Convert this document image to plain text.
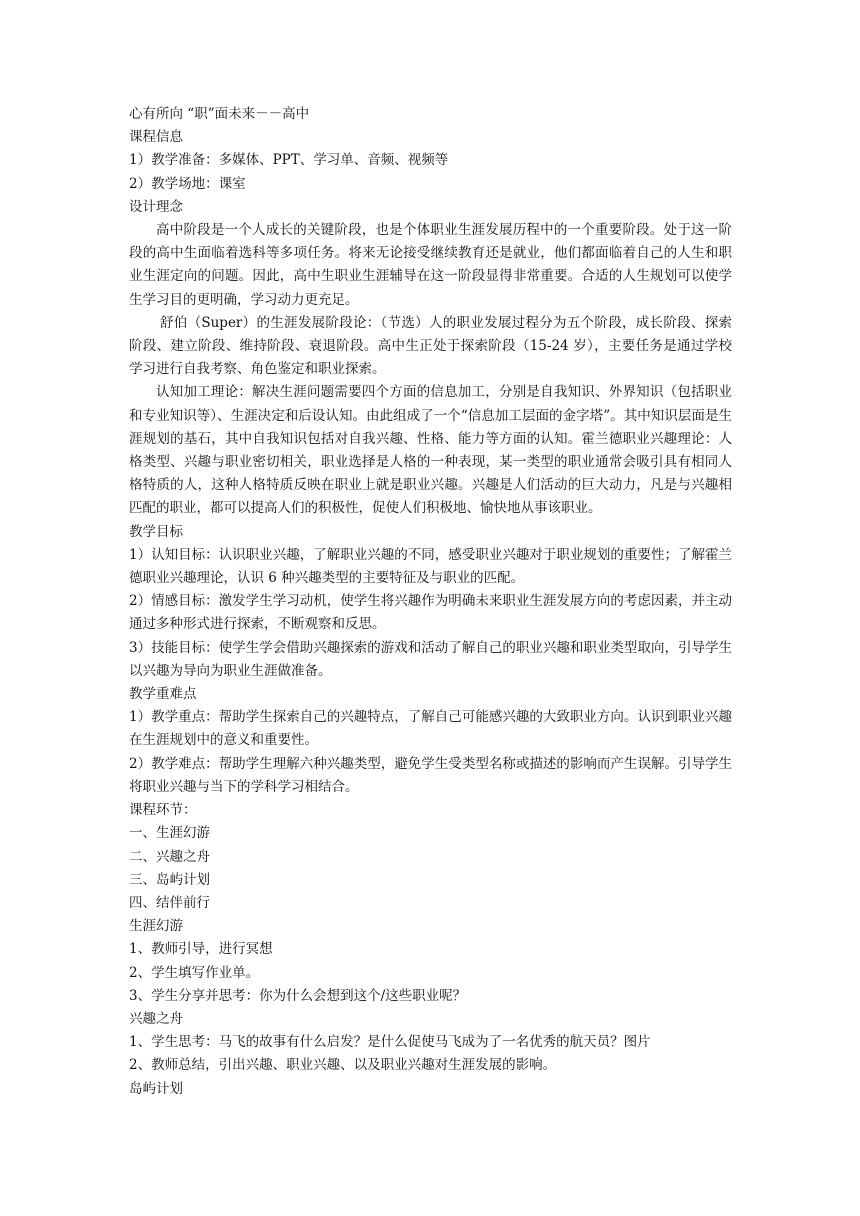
心有所向 “职”面未来－－高中
课程信息
1）教学准备：多媒体、PPT、学习单、音频、视频等
2）教学场地：课室
设计理念
高中阶段是一个人成长的关键阶段，也是个体职业生涯发展历程中的一个重要阶段。处于这一阶段的高中生面临着选科等多项任务。将来无论接受继续教育还是就业，他们都面临着自己的人生和职业生涯定向的问题。因此，高中生职业生涯辅导在这一阶段显得非常重要。合适的人生规划可以使学生学习目的更明确，学习动力更充足。
舒伯（Super）的生涯发展阶段论：（节选）人的职业发展过程分为五个阶段，成长阶段、探索阶段、建立阶段、维持阶段、衰退阶段。高中生正处于探索阶段（15-24 岁），主要任务是通过学校学习进行自我考察、角色鉴定和职业探索。
认知加工理论：解决生涯问题需要四个方面的信息加工，分别是自我知识、外界知识（包括职业和专业知识等）、生涯决定和后设认知。由此组成了一个“信息加工层面的金字塔”。其中知识层面是生涯规划的基石，其中自我知识包括对自我兴趣、性格、能力等方面的认知。霍兰德职业兴趣理论：人格类型、兴趣与职业密切相关，职业选择是人格的一种表现，某一类型的职业通常会吸引具有相同人格特质的人，这种人格特质反映在职业上就是职业兴趣。兴趣是人们活动的巨大动力，凡是与兴趣相匹配的职业，都可以提高人们的积极性，促使人们积极地、愉快地从事该职业。
教学目标
1）认知目标：认识职业兴趣，了解职业兴趣的不同，感受职业兴趣对于职业规划的重要性；了解霍兰德职业兴趣理论，认识 6 种兴趣类型的主要特征及与职业的匹配。
2）情感目标：激发学生学习动机，使学生将兴趣作为明确未来职业生涯发展方向的考虑因素，并主动通过多种形式进行探索，不断观察和反思。
3）技能目标：使学生学会借助兴趣探索的游戏和活动了解自己的职业兴趣和职业类型取向，引导学生以兴趣为导向为职业生涯做准备。
教学重难点
1）教学重点：帮助学生探索自己的兴趣特点，了解自己可能感兴趣的大致职业方向。认识到职业兴趣在生涯规划中的意义和重要性。
2）教学难点：帮助学生理解六种兴趣类型，避免学生受类型名称或描述的影响而产生误解。引导学生将职业兴趣与当下的学科学习相结合。
课程环节：
一、生涯幻游
二、兴趣之舟
三、岛屿计划
四、结伴前行
生涯幻游
1、教师引导，进行冥想
2、学生填写作业单。
3、学生分享并思考：你为什么会想到这个/这些职业呢？
兴趣之舟
1、学生思考：马飞的故事有什么启发？是什么促使马飞成为了一名优秀的航天员？图片
2、教师总结，引出兴趣、职业兴趣、以及职业兴趣对生涯发展的影响。
岛屿计划
